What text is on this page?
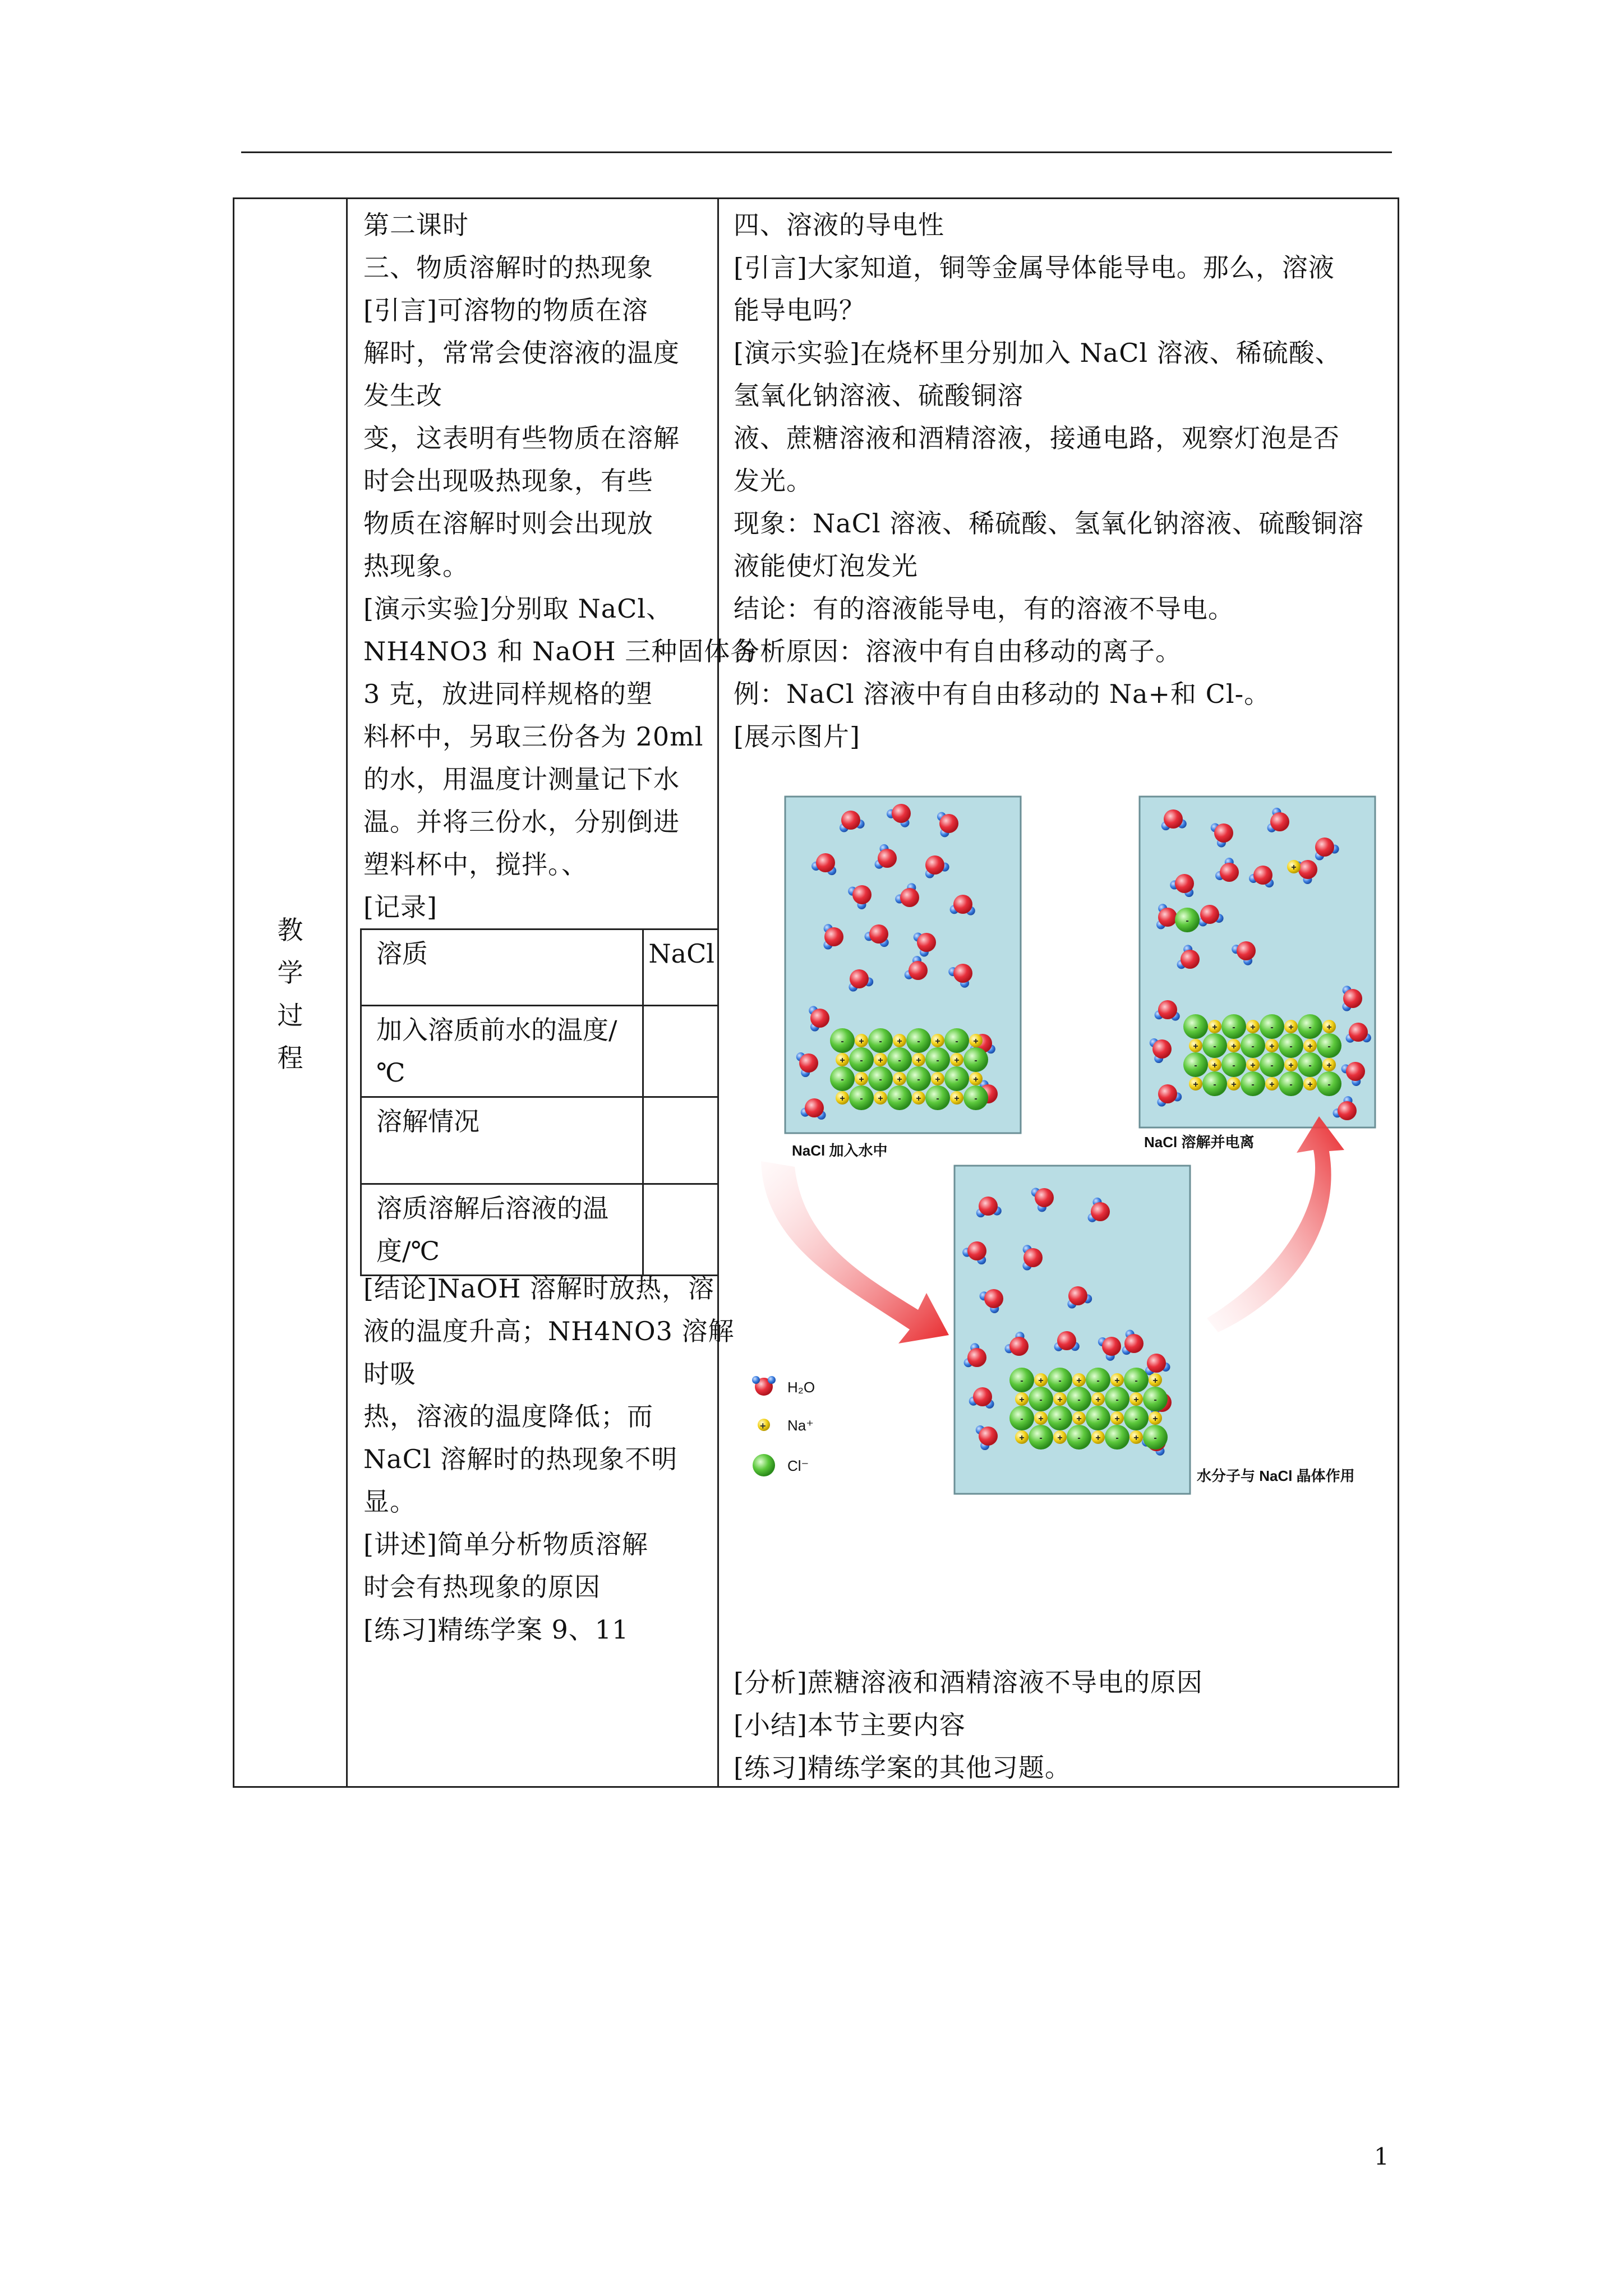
教
学
过
程
第二课时
三、物质溶解时的热现象
[引言]可溶物的物质在溶
解时，常常会使溶液的温度
发生改
变，这表明有些物质在溶解
时会出现吸热现象，有些
物质在溶解时则会出现放
热现象。
[演示实验]分别取 NaCl、
NH4NO3 和 NaOH 三种固体各
3 克，放进同样规格的塑
料杯中，另取三份各为 20ml
的水，用温度计测量记下水
温。并将三份水，分别倒进
塑料杯中，搅拌。、
[记录]
溶质	NaCl
加入溶质前水的温度/℃	
溶解情况	
溶质溶解后溶液的温度/℃	
[结论]NaOH 溶解时放热，溶
液的温度升高；NH4NO3 溶解
时吸
热，溶液的温度降低；而
NaCl 溶解时的热现象不明
显。
[讲述]简单分析物质溶解
时会有热现象的原因
[练习]精练学案 9、11
四、溶液的导电性
[引言]大家知道，铜等金属导体能导电。那么，溶液
能导电吗？
[演示实验]在烧杯里分别加入 NaCl 溶液、稀硫酸、
氢氧化钠溶液、硫酸铜溶
液、蔗糖溶液和酒精溶液，接通电路，观察灯泡是否
发光。
现象：NaCl 溶液、稀硫酸、氢氧化钠溶液、硫酸铜溶
液能使灯泡发光
结论：有的溶液能导电，有的溶液不导电。
分析原因：溶液中有自由移动的离子。
例：NaCl 溶液中有自由移动的 Na+和 Cl-。
[展示图片]
[分析]蔗糖溶液和酒精溶液不导电的原因
[小结]本节主要内容
[练习]精练学案的其他习题。
- + - + - + - +
+ - + - + - + -
- + - + - + - +
+ - + - + - + -
-
+
- + - + - + - +
+ - + - + - + -
- + - + - + - +
+ - + - + - + -
- + - + - + - +
+ - + - + - + -
- + - + - + - +
+ - + - + - + -
NaCl 加入水中	NaCl 溶解并电离
水分子与 NaCl 晶体作用
H₂O
+ Na⁺
Cl⁻
1
